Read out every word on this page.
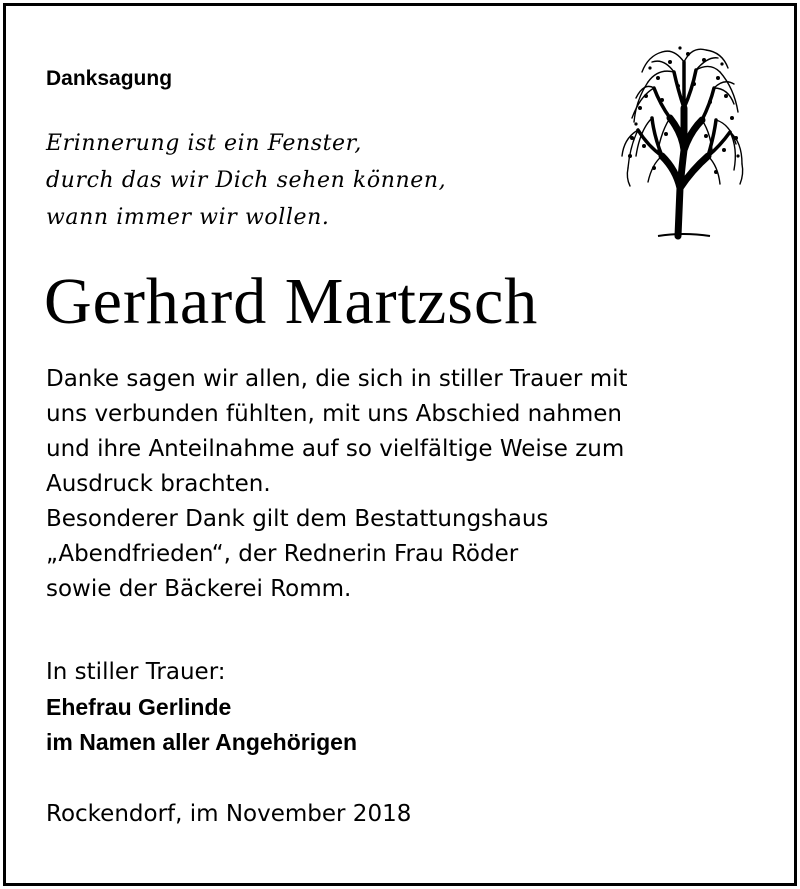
Danksagung
Erinnerung ist ein Fenster,
durch das wir Dich sehen können,
wann immer wir wollen.
Gerhard Martzsch
Danke sagen wir allen, die sich in stiller Trauer mit
uns verbunden fühlten, mit uns Abschied nahmen
und ihre Anteilnahme auf so vielfältige Weise zum
Ausdruck brachten.
Besonderer Dank gilt dem Bestattungshaus
„Abendfrieden“, der Rednerin Frau Röder
sowie der Bäckerei Romm.
In stiller Trauer:
Ehefrau Gerlinde
im Namen aller Angehörigen
Rockendorf, im November 2018
